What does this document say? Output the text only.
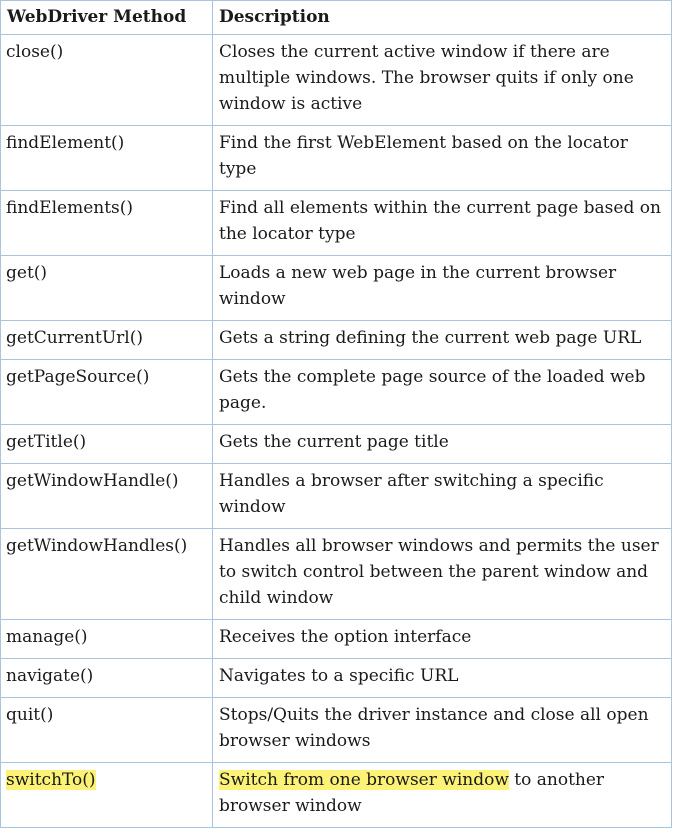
WebDriver Method	Description
close()	Closes the current active window if there are multiple windows. The browser quits if only one window is active
findElement()	Find the first WebElement based on the locator type
findElements()	Find all elements within the current page based on the locator type
get()	Loads a new web page in the current browser window
getCurrentUrl()	Gets a string defining the current web page URL
getPageSource()	Gets the complete page source of the loaded web page.
getTitle()	Gets the current page title
getWindowHandle()	Handles a browser after switching a specific window
getWindowHandles()	Handles all browser windows and permits the user to switch control between the parent window and child window
manage()	Receives the option interface
navigate()	Navigates to a specific URL
quit()	Stops/Quits the driver instance and close all open browser windows
switchTo()	Switch from one browser window to another browser window
